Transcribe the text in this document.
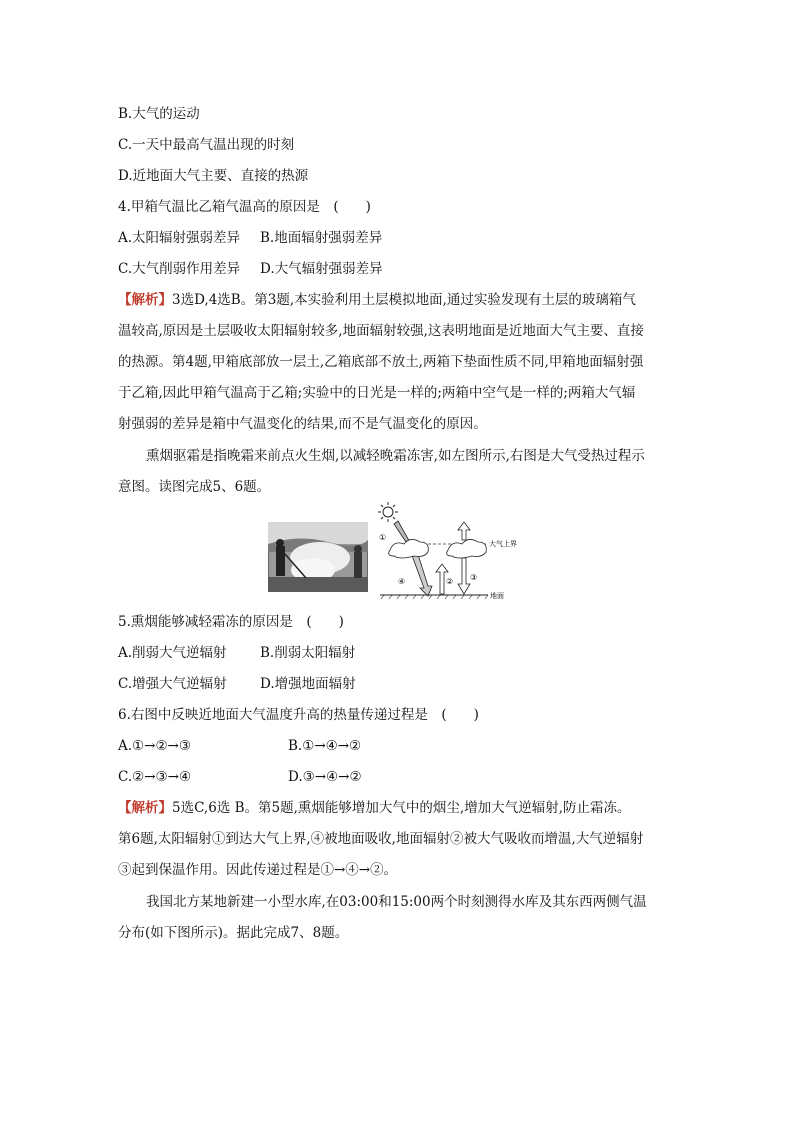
B.大气的运动
C.一天中最高气温出现的时刻
D.近地面大气主要、直接的热源
4.甲箱气温比乙箱气温高的原因是　(　　)
A.太阳辐射强弱差异 B.地面辐射强弱差异
C.大气削弱作用差异 D.大气辐射强弱差异
【解析】3选D,4选B。第3题,本实验利用土层模拟地面,通过实验发现有土层的玻璃箱气
温较高,原因是土层吸收太阳辐射较多,地面辐射较强,这表明地面是近地面大气主要、直接
的热源。第4题,甲箱底部放一层土,乙箱底部不放土,两箱下垫面性质不同,甲箱地面辐射强
于乙箱,因此甲箱气温高于乙箱;实验中的日光是一样的;两箱中空气是一样的;两箱大气辐
射强弱的差异是箱中气温变化的结果,而不是气温变化的原因。
熏烟驱霜是指晚霜来前点火生烟,以减轻晚霜冻害,如左图所示,右图是大气受热过程示
意图。读图完成5、6题。
大气上界
地面
①
② ③
④
5.熏烟能够减轻霜冻的原因是　(　　)
A.削弱大气逆辐射 B.削弱太阳辐射
C.增强大气逆辐射 D.增强地面辐射
6.右图中反映近地面大气温度升高的热量传递过程是　(　　)
A.①→②→③	B.①→④→②
C.②→③→④	D.③→④→②
【解析】5选C,6选 B。第5题,熏烟能够增加大气中的烟尘,增加大气逆辐射,防止霜冻。
第6题,太阳辐射①到达大气上界,④被地面吸收,地面辐射②被大气吸收而增温,大气逆辐射
③起到保温作用。因此传递过程是①→④→②。
我国北方某地新建一小型水库,在03:00和15:00两个时刻测得水库及其东西两侧气温
分布(如下图所示)。据此完成7、8题。
